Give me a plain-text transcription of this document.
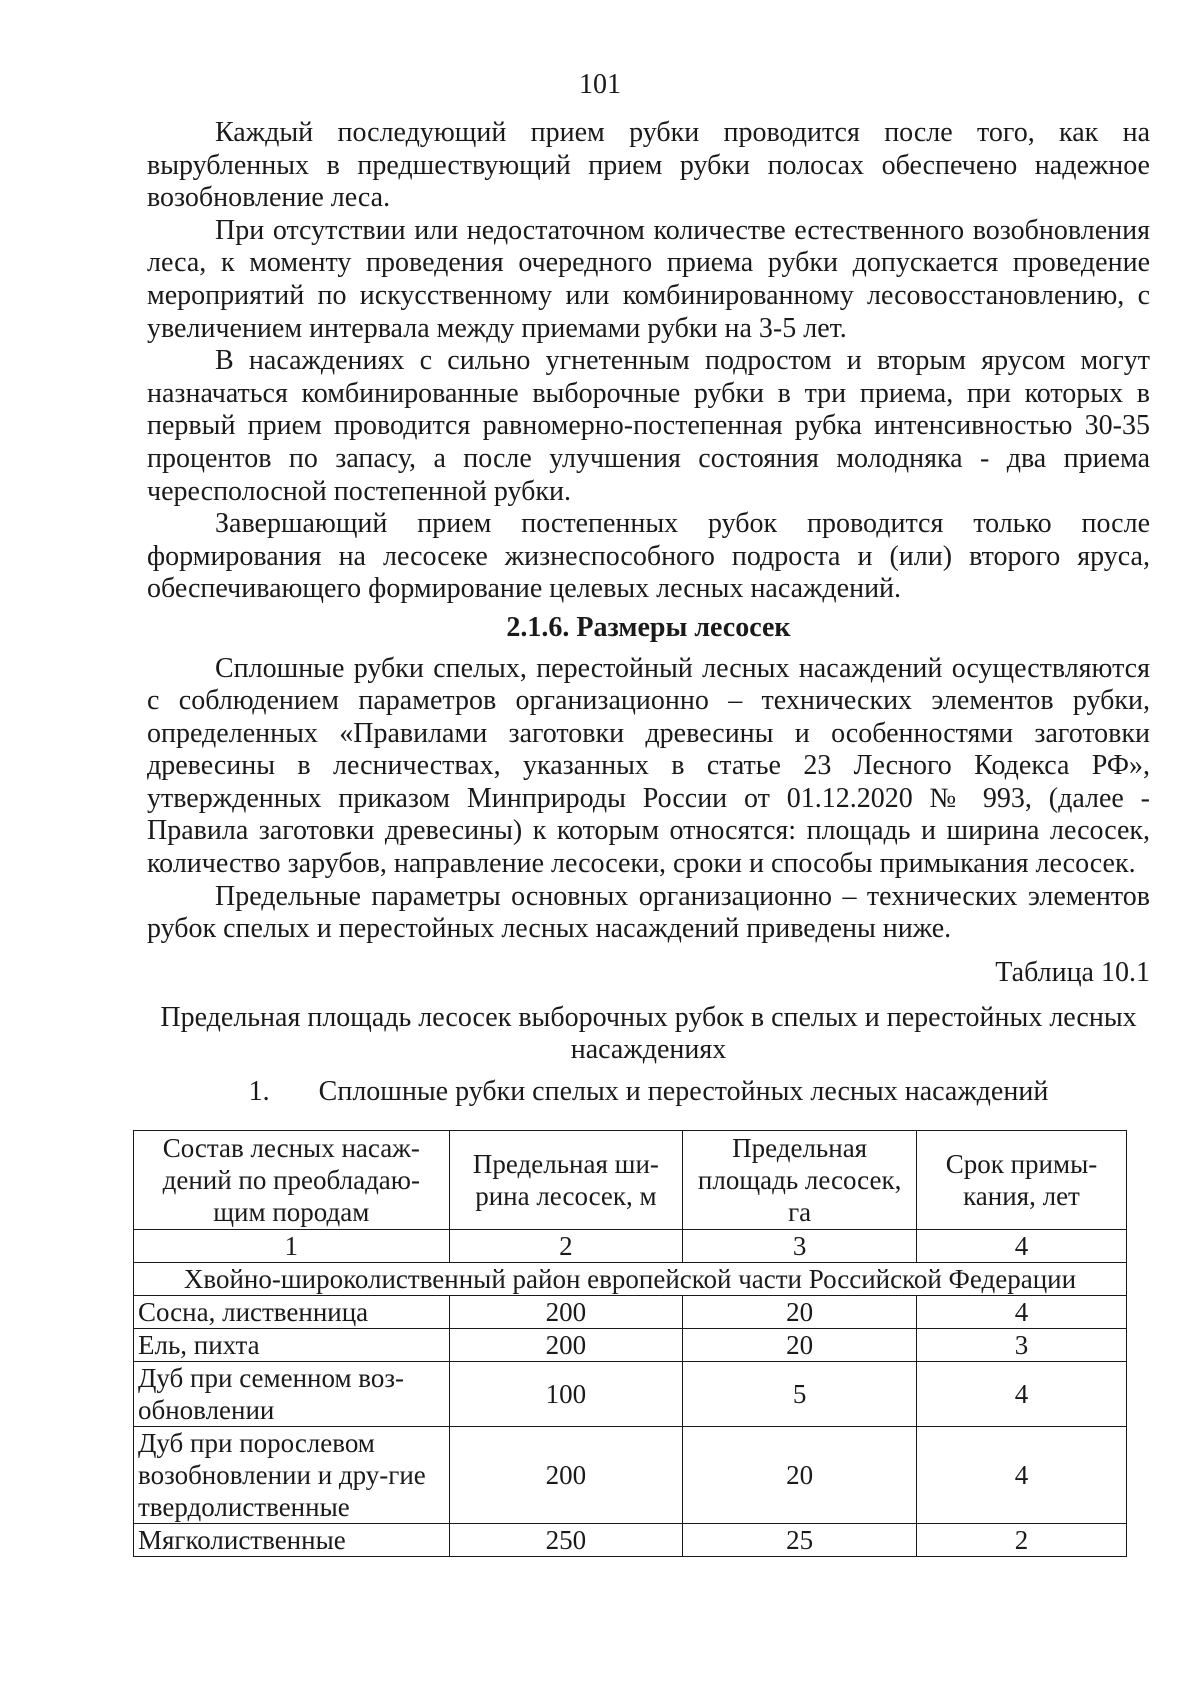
101

Каждый последующий прием рубки проводится после того, как на вырубленных в предшествующий прием рубки полосах обеспечено надежное возобновление леса.

При отсутствии или недостаточном количестве естественного возобновления леса, к моменту проведения очередного приема рубки допускается проведение мероприятий по искусственному или комбинированному лесовосстановлению, с увеличением интервала между приемами рубки на 3-5 лет.

В насаждениях с сильно угнетенным подростом и вторым ярусом могут назначаться комбинированные выборочные рубки в три приема, при которых в первый прием проводится равномерно-постепенная рубка интенсивностью 30-35 процентов по запасу, а после улучшения состояния молодняка - два приема чересполосной постепенной рубки.

Завершающий прием постепенных рубок проводится только после формирования на лесосеке жизнеспособного подроста и (или) второго яруса, обеспечивающего формирование целевых лесных насаждений.

2.1.6. Размеры лесосек

Сплошные рубки спелых, перестойный лесных насаждений осуществляются с соблюдением параметров организационно – технических элементов рубки, определенных «Правилами заготовки древесины и особенностями заготовки древесины в лесничествах, указанных в статье 23 Лесного Кодекса РФ», утвержденных приказом Минприроды России от 01.12.2020 № 993, (далее - Правила заготовки древесины) к которым относятся: площадь и ширина лесосек, количество зарубов, направление лесосеки, сроки и способы примыкания лесосек.

Предельные параметры основных организационно – технических элементов рубок спелых и перестойных лесных насаждений приведены ниже.

Таблица 10.1

Предельная площадь лесосек выборочных рубок в спелых и перестойных лесных насаждениях

1. Сплошные рубки спелых и перестойных лесных насаждений

Состав лесных насаж-дений по преобладаю-щим породам	Предельная ши-рина лесосек, м	Предельная площадь лесосек, га	Срок примы-кания, лет
1	2	3	4
Хвойно-широколиственный район европейской части Российской Федерации			
Сосна, лиственница	200	20	4
Ель, пихта	200	20	3
Дуб при семенном воз-обновлении	100	5	4
Дуб при порослевом возобновлении и дру-гие твердолиственные	200	20	4
Мягколиственные	250	25	2
